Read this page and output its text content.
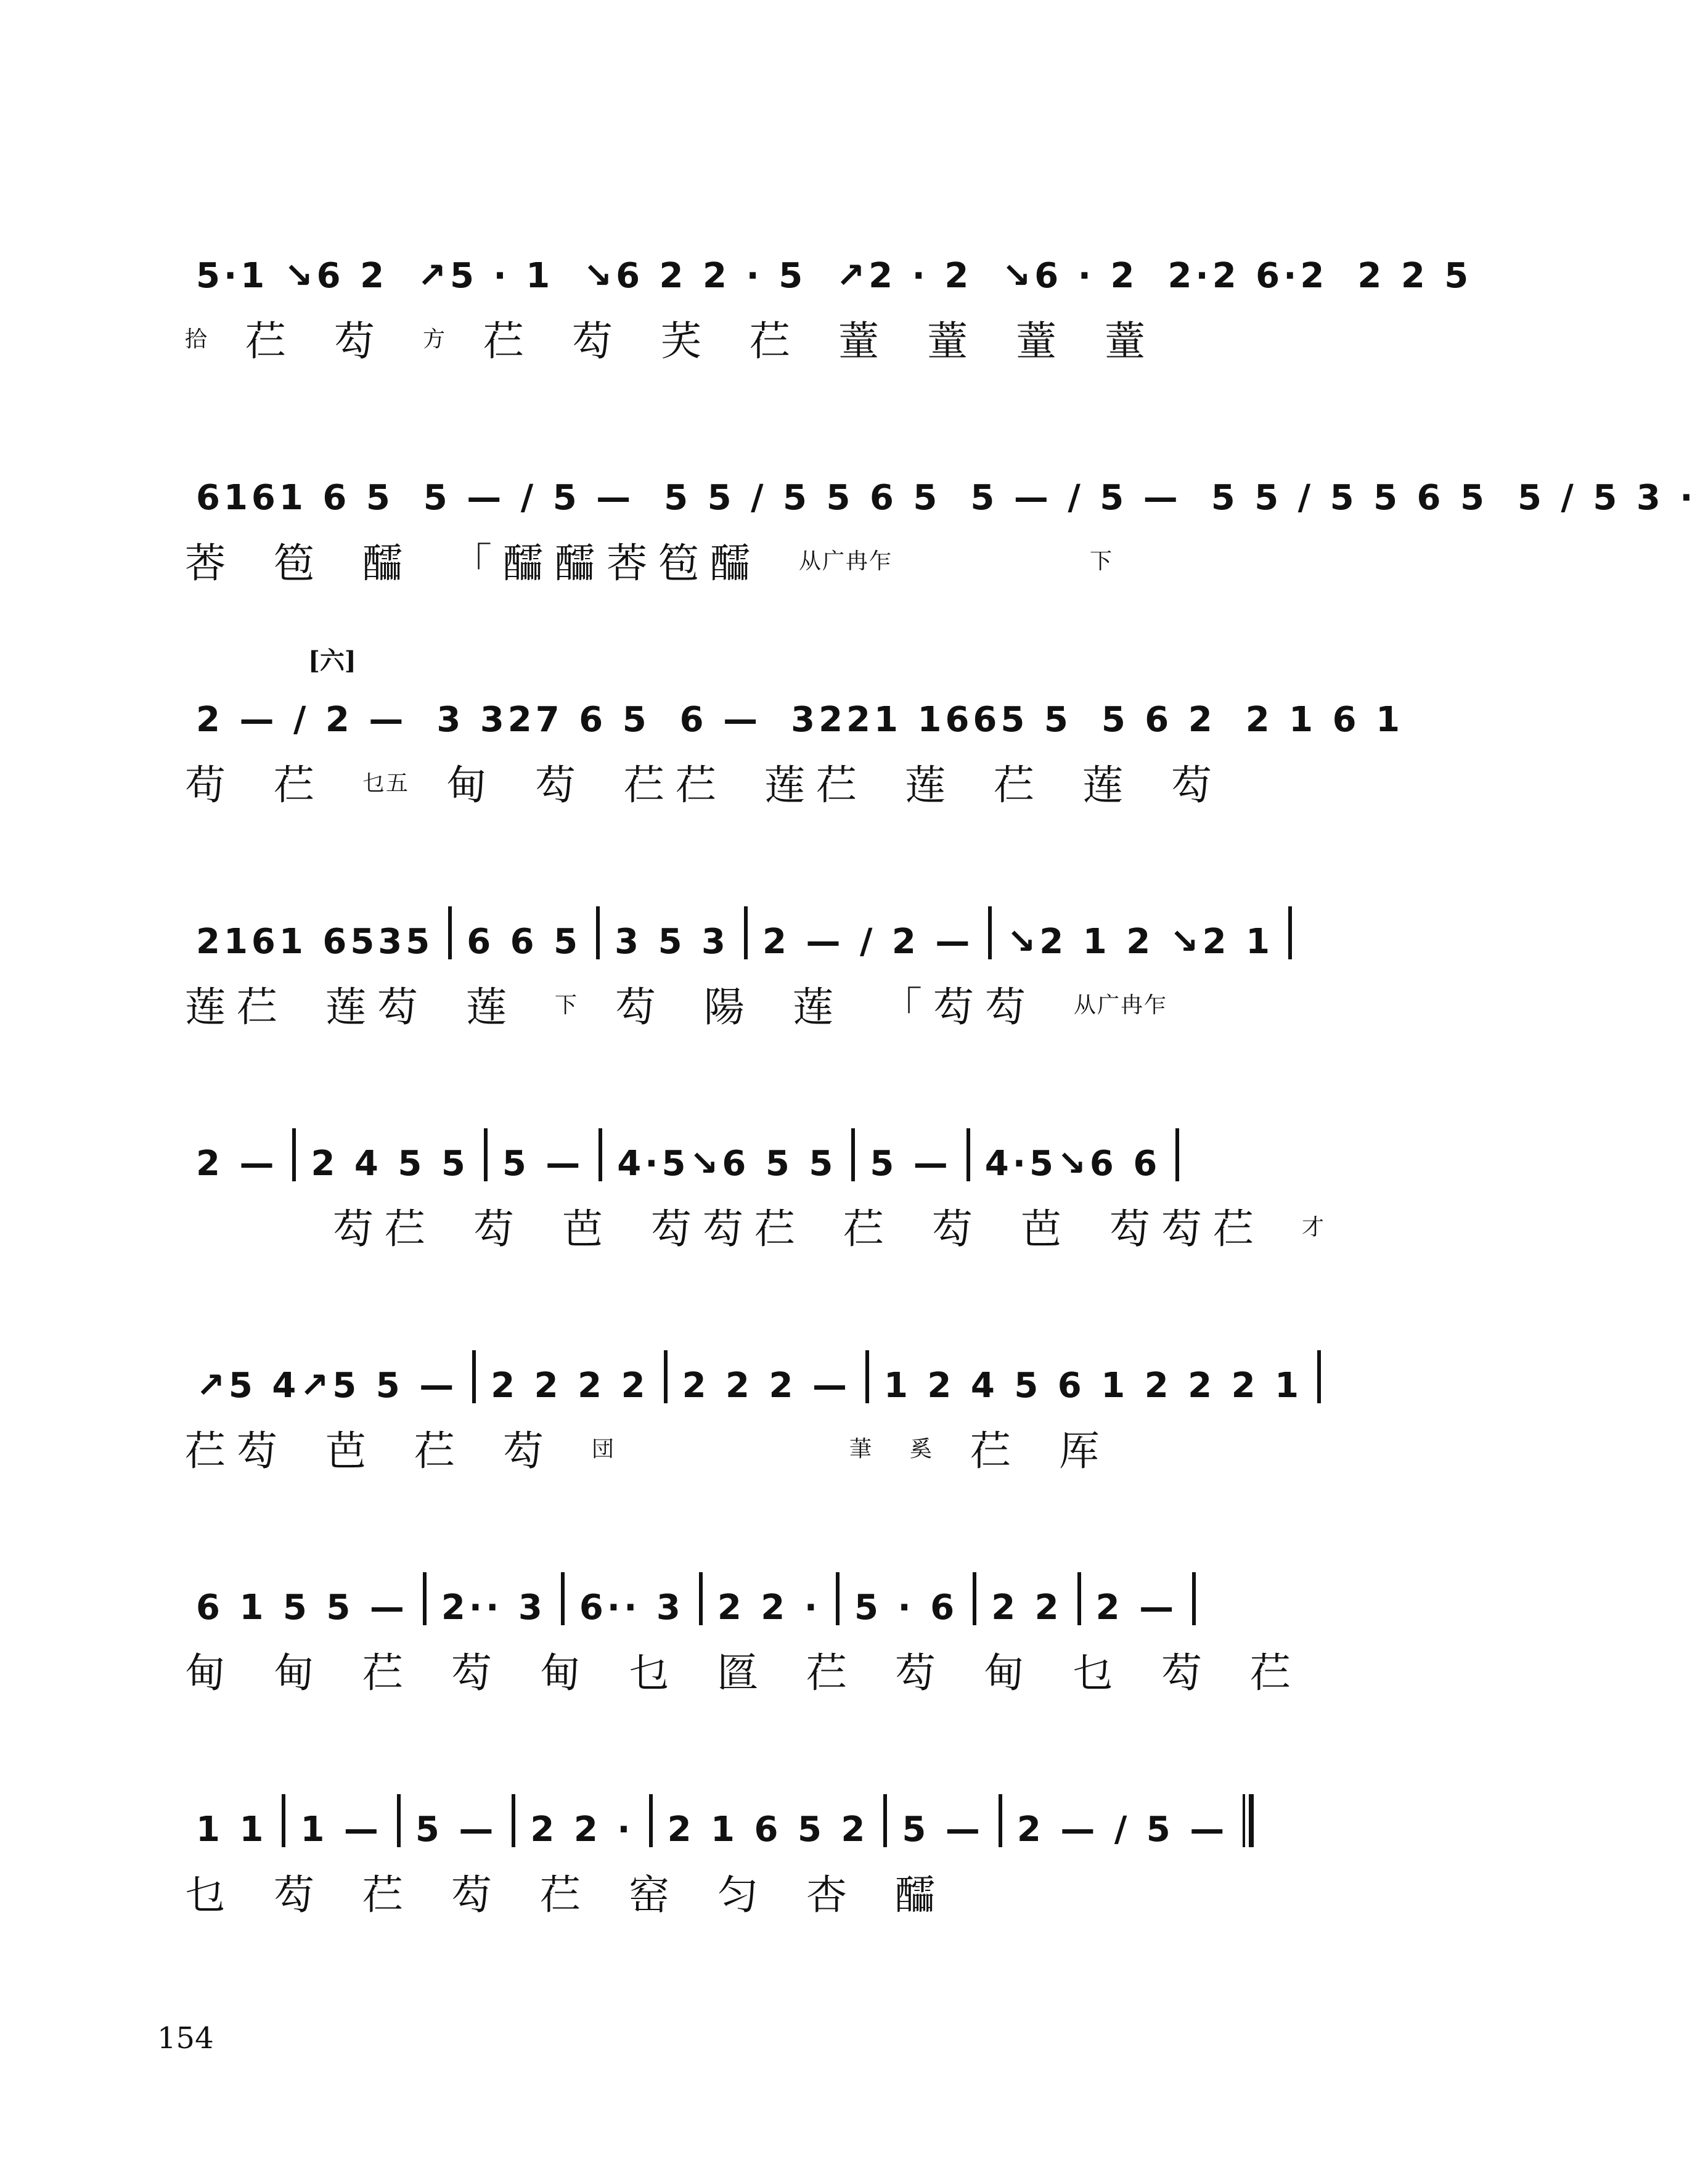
5·1 ↘6 2 ↗5 · 1 ↘6 2 2 · 5 ↗2 · 2 ↘6 · 2 2·2 6·2 2 2 5
拾 芢 芶 方 芢 芶 芺 芢 蕫 蕫 蕫 蕫
6161 6 5 5 — / 5 — 5 5 / 5 5 6 5 5 — / 5 — 5 5 / 5 5 6 5 5 / 5 3 ·
莕 笣 醽 「醽醽莕笣醽 从广冉乍	下
[六]
2 — / 2 — 3 327 6 5 6 — 3221 1665 5 5 6 2 2 1 6 1
苟 芢 乜五 甸 芶 芢芢 莲芢 莲 芢 莲 芶
2161 6535 6 6 5 3 5 3 2 — / 2 — ↘2 1 2 ↘2 1
莲芢 莲芶 莲 下 芶 陽 莲 「芶芶 从广冉乍
2 — 2 4 5 5 5 — 4·5↘6 5 5 5 — 4·5↘6 6
芶芢 芶 芭 芶芶芢 芢 芶 芭 芶芶芢 才
↗5 4↗5 5 — 2 2 2 2 2 2 2 — 1 2 4 5 6 1 2 2 2 1
芢芶 芭 芢 芶 団	茟 奚 芢 厍
6 1 5 5 — 2·· 3 6·· 3 2 2 · 5 · 6 2 2 2 —
甸 甸 芢 芶 甸 乜 匫 芢 芶 甸 乜 芶 芢
1 1 1 — 5 — 2 2 · 2 1 6 5 2 5 — 2 — / 5 —
乜 芶 芢 芶 芢 窑 匀 杏 醽
154
